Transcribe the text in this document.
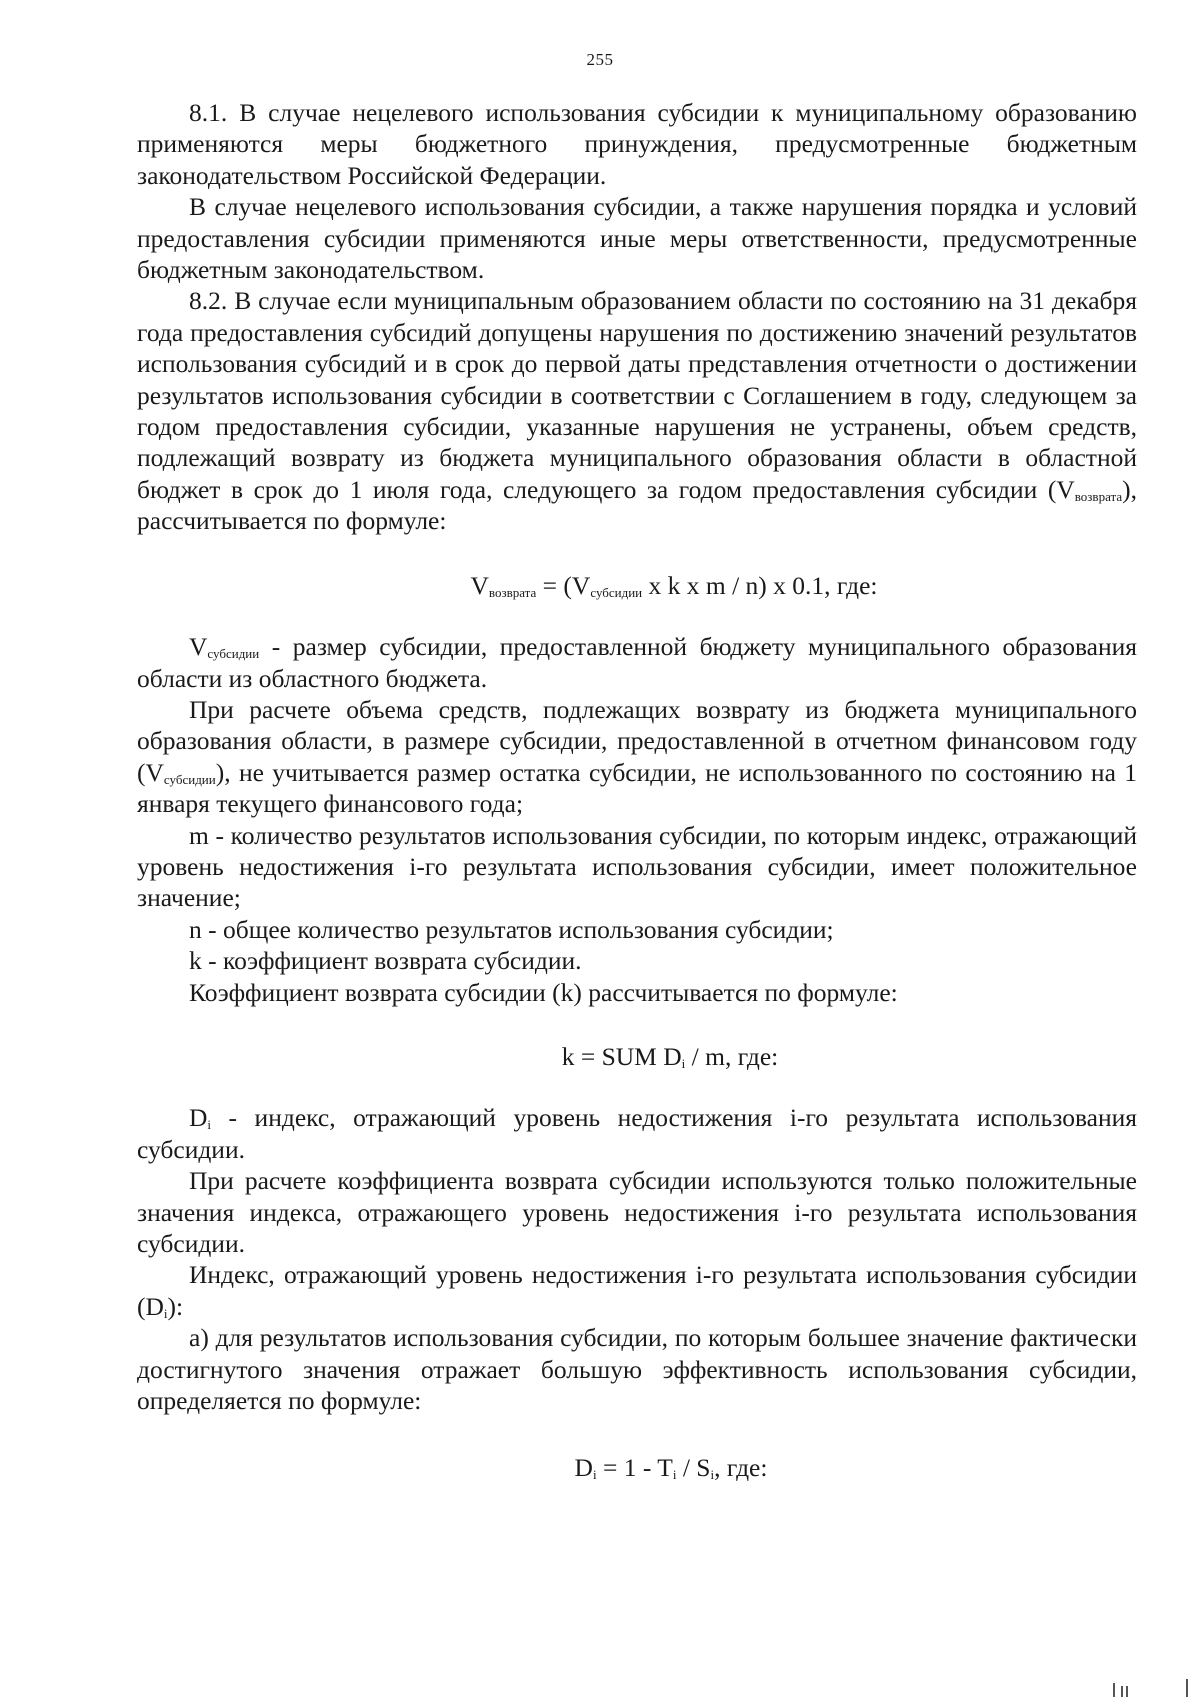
255

8.1. В случае нецелевого использования субсидии к муниципальному образованию применяются меры бюджетного принуждения, предусмотренные бюджетным законодательством Российской Федерации.

В случае нецелевого использования субсидии, а также нарушения порядка и условий предоставления субсидии применяются иные меры ответственности, предусмотренные бюджетным законодательством.

8.2. В случае если муниципальным образованием области по состоянию на 31 декабря года предоставления субсидий допущены нарушения по достижению значений результатов использования субсидий и в срок до первой даты представления отчетности о достижении результатов использования субсидии в соответствии с Соглашением в году, следующем за годом предоставления субсидии, указанные нарушения не устранены, объем средств, подлежащий возврату из бюджета муниципального образования области в областной бюджет в срок до 1 июля года, следующего за годом предоставления субсидии $(V_{возврата})$, рассчитывается по формуле:

$V_{возврата} = (V_{субсидии}$ x k x m / n) x 0.1, где:

$V_{субсидии}$ - размер субсидии, предоставленной бюджету муниципального образования области из областного бюджета.

При расчете объема средств, подлежащих возврату из бюджета муниципального образования области, в размере субсидии, предоставленной в отчетном финансовом году $(V_{субсидии})$, не учитывается размер остатка субсидии, не использованного по состоянию на 1 января текущего финансового года;

m - количество результатов использования субсидии, по которым индекс, отражающий уровень недостижения i-го результата использования субсидии, имеет положительное значение;

n - общее количество результатов использования субсидии;

k - коэффициент возврата субсидии.

Коэффициент возврата субсидии (k) рассчитывается по формуле:

k = SUM $D_i$ / m, где:

$D_i$ - индекс, отражающий уровень недостижения i-го результата использования субсидии.

При расчете коэффициента возврата субсидии используются только положительные значения индекса, отражающего уровень недостижения i-го результата использования субсидии.

Индекс, отражающий уровень недостижения i-го результата использования субсидии $(D_i)$:

а) для результатов использования субсидии, по которым большее значение фактически достигнутого значения отражает большую эффективность использования субсидии, определяется по формуле:

$D_i = 1 - T_i / S_i$, где:
